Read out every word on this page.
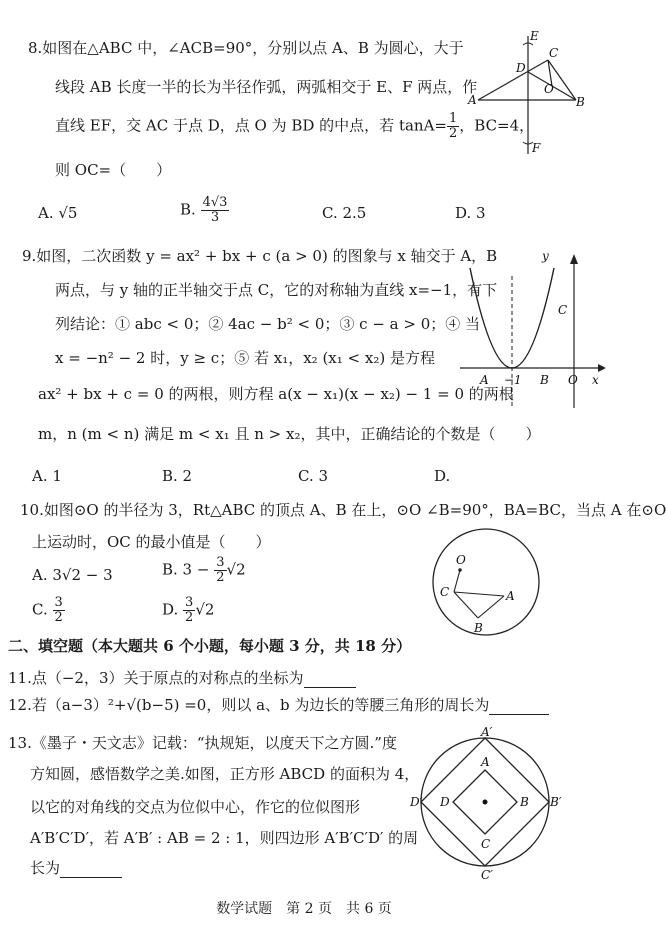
8.如图在△ABC 中，∠ACB=90°，分别以点 A、B 为圆心，大于
线段 AB 长度一半的长为半径作弧，两弧相交于 E、F 两点，作
直线 EF，交 AC 于点 D，点 O 为 BD 的中点，若 $\tan A= \frac{1}{2}$ ，BC=4，
则 OC=（　　）
A. √5	B. $\frac{4√3}{3}$	C. 2.5	D. 3
E
C
D
O
A	B
F
9.如图，二次函数 y = ax² + bx + c (a > 0) 的图象与 x 轴交于 A，B
两点，与 y 轴的正半轴交于点 C，它的对称轴为直线 x=−1，有下
列结论：① abc < 0；② 4ac − b² < 0；③ c − a > 0；④ 当
x = −n² − 2 时，y ≥ c；⑤ 若 x₁，x₂ (x₁ < x₂) 是方程
ax² + bx + c = 0 的两根，则方程 a(x − x₁)(x − x₂) − 1 = 0 的两根
m，n (m < n) 满足 m < x₁ 且 n > x₂，其中，正确结论的个数是（　　）
A. 1	B. 2	C. 3	D.
y
C
A −1 B O x
10.如图⊙O 的半径为 3，Rt△ABC 的顶点 A、B 在上，⊙O ∠B=90°，BA=BC，当点 A 在⊙O
上运动时，OC 的最小值是（　　）
A. 3√2 − 3	B. $3 - \frac{3}{2} √2$
C. $\frac{3}{2}$	D. $\frac{3}{2} √2$
O
C	A
B
二、填空题（本大题共 6 个小题，每小题 3 分，共 18 分）
11.点（−2，3）关于原点的对称点的坐标为
12.若（a−3）²+√(b−5) =0，则以 a、b 为边长的等腰三角形的周长为
13.《墨子・天文志》记载：“执规矩，以度天下之方圆.”度
方知圆，感悟数学之美.如图，正方形 ABCD 的面积为 4，
以它的对角线的交点为位似中心，作它的位似图形
A′B′C′D′，若 A′B′ : AB = 2 : 1，则四边形 A′B′C′D′ 的周
长为
A′
A
D′ D	B B′
C
C′
数学试题　第 2 页　共 6 页
